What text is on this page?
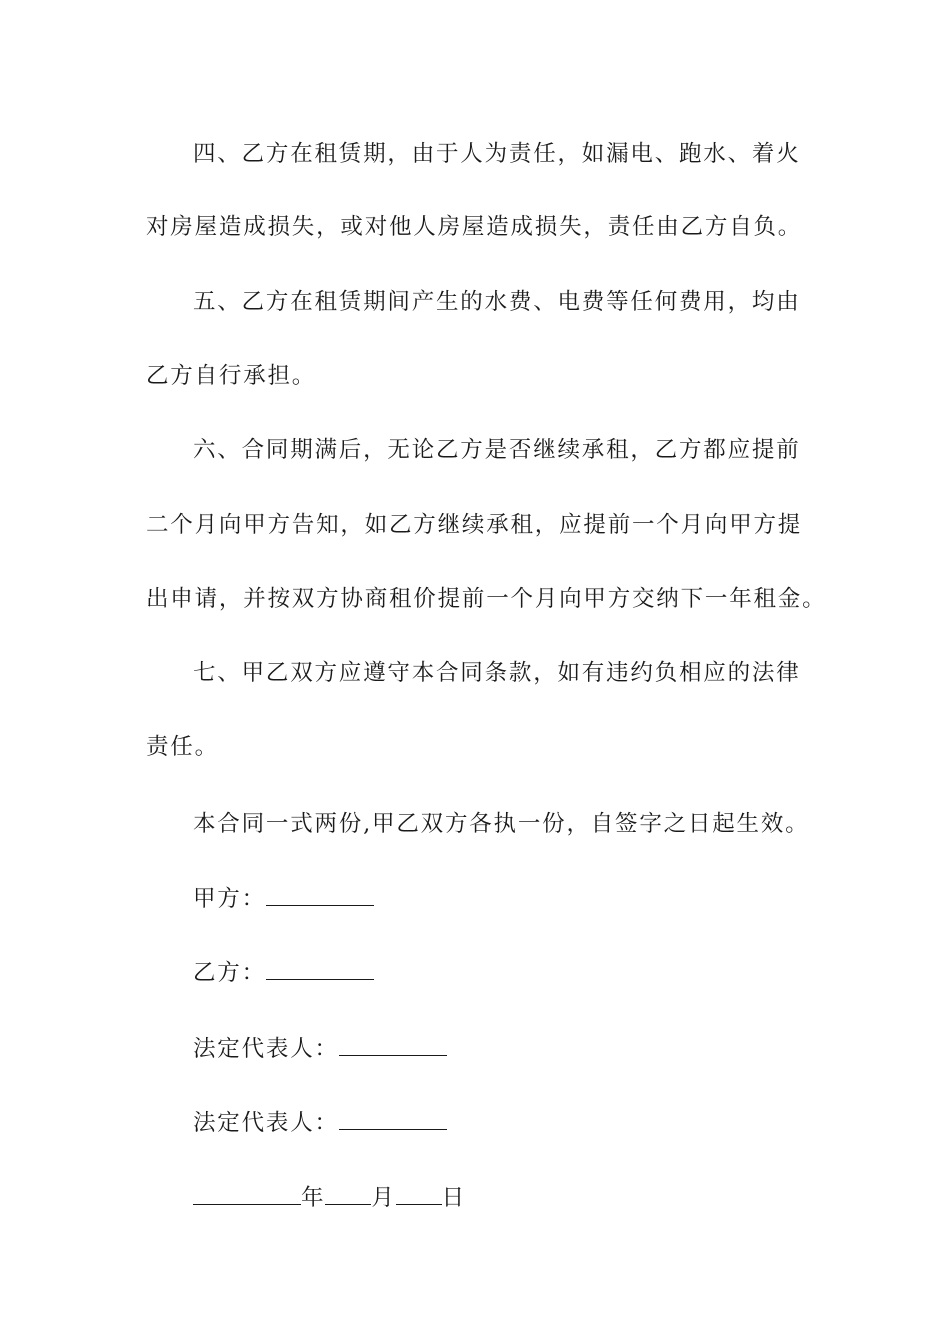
四、乙方在租赁期，由于人为责任，如漏电、跑水、着火
对房屋造成损失，或对他人房屋造成损失，责任由乙方自负。
五、乙方在租赁期间产生的水费、电费等任何费用，均由
乙方自行承担。
六、合同期满后，无论乙方是否继续承租，乙方都应提前
二个月向甲方告知，如乙方继续承租，应提前一个月向甲方提
出申请，并按双方协商租价提前一个月向甲方交纳下一年租金。
七、甲乙双方应遵守本合同条款，如有违约负相应的法律
责任。
本合同一式两份,甲乙双方各执一份，自签字之日起生效。
甲方：
乙方：
法定代表人：
法定代表人：
年 月 日
